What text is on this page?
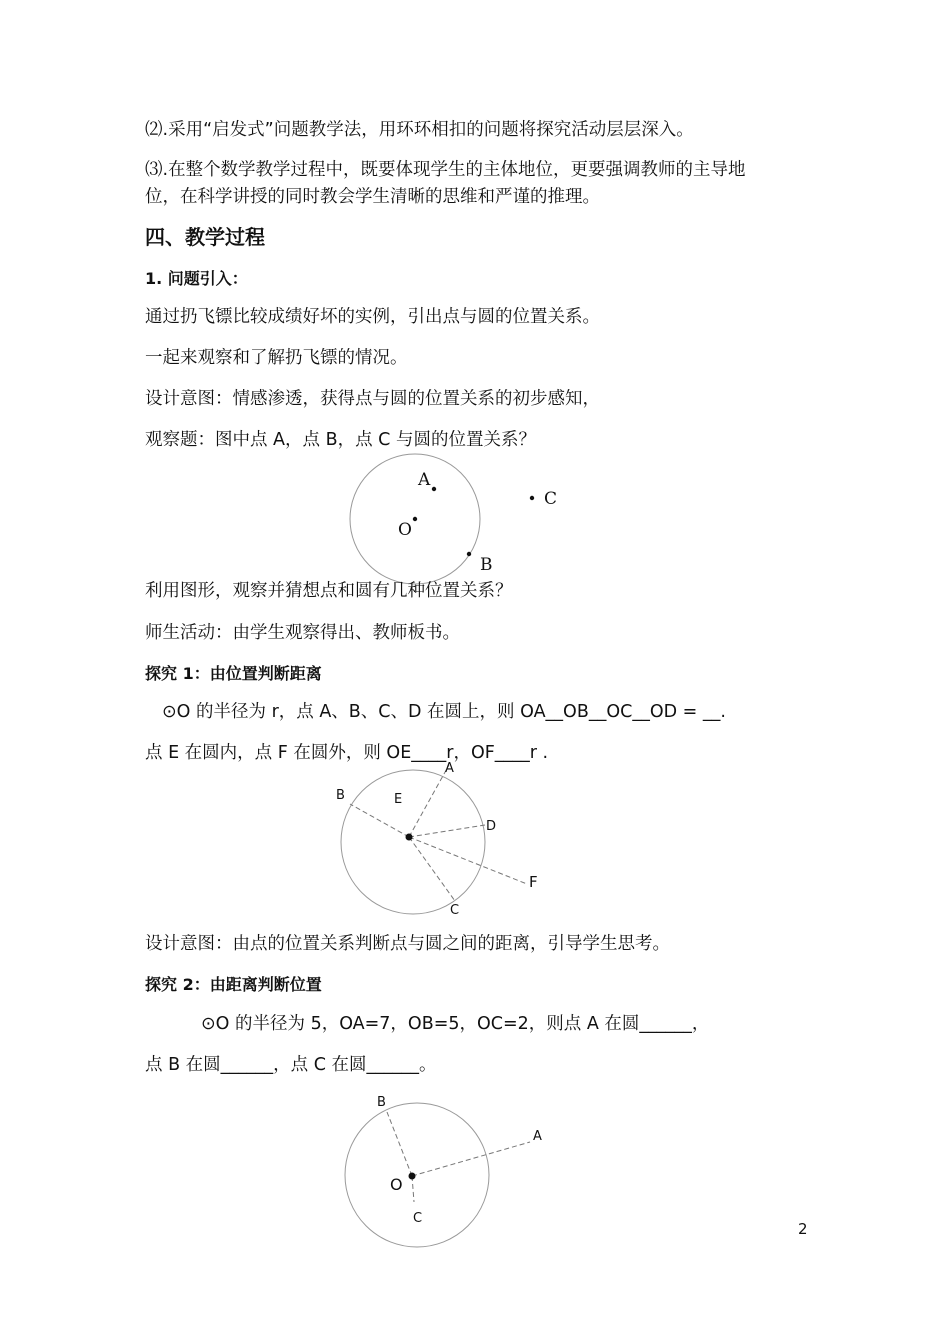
⑵.采用“启发式”问题教学法，用环环相扣的问题将探究活动层层深入。
⑶.在整个数学教学过程中，既要体现学生的主体地位，更要强调教师的主导地
位，在科学讲授的同时教会学生清晰的思维和严谨的推理。
四、教学过程
1. 问题引入：
通过扔飞镖比较成绩好坏的实例，引出点与圆的位置关系。
一起来观察和了解扔飞镖的情况。
设计意图：情感渗透，获得点与圆的位置关系的初步感知，
观察题：图中点 A，点 B，点 C 与圆的位置关系？
A
O
B
C
利用图形，观察并猜想点和圆有几种位置关系？
师生活动：由学生观察得出、教师板书。
探究 1：由位置判断距离
⊙O 的半径为 r，点 A、B、C、D 在圆上，则 OA__OB__OC__OD = __.
点 E 在圆内，点 F 在圆外，则 OE____r，OF____r .
A
B	E
D
C
F
设计意图：由点的位置关系判断点与圆之间的距离，引导学生思考。
探究 2：由距离判断位置
⊙O 的半径为 5，OA=7，OB=5，OC=2，则点 A 在圆______，
点 B 在圆______，点 C 在圆______。
B
A
O
C
2
